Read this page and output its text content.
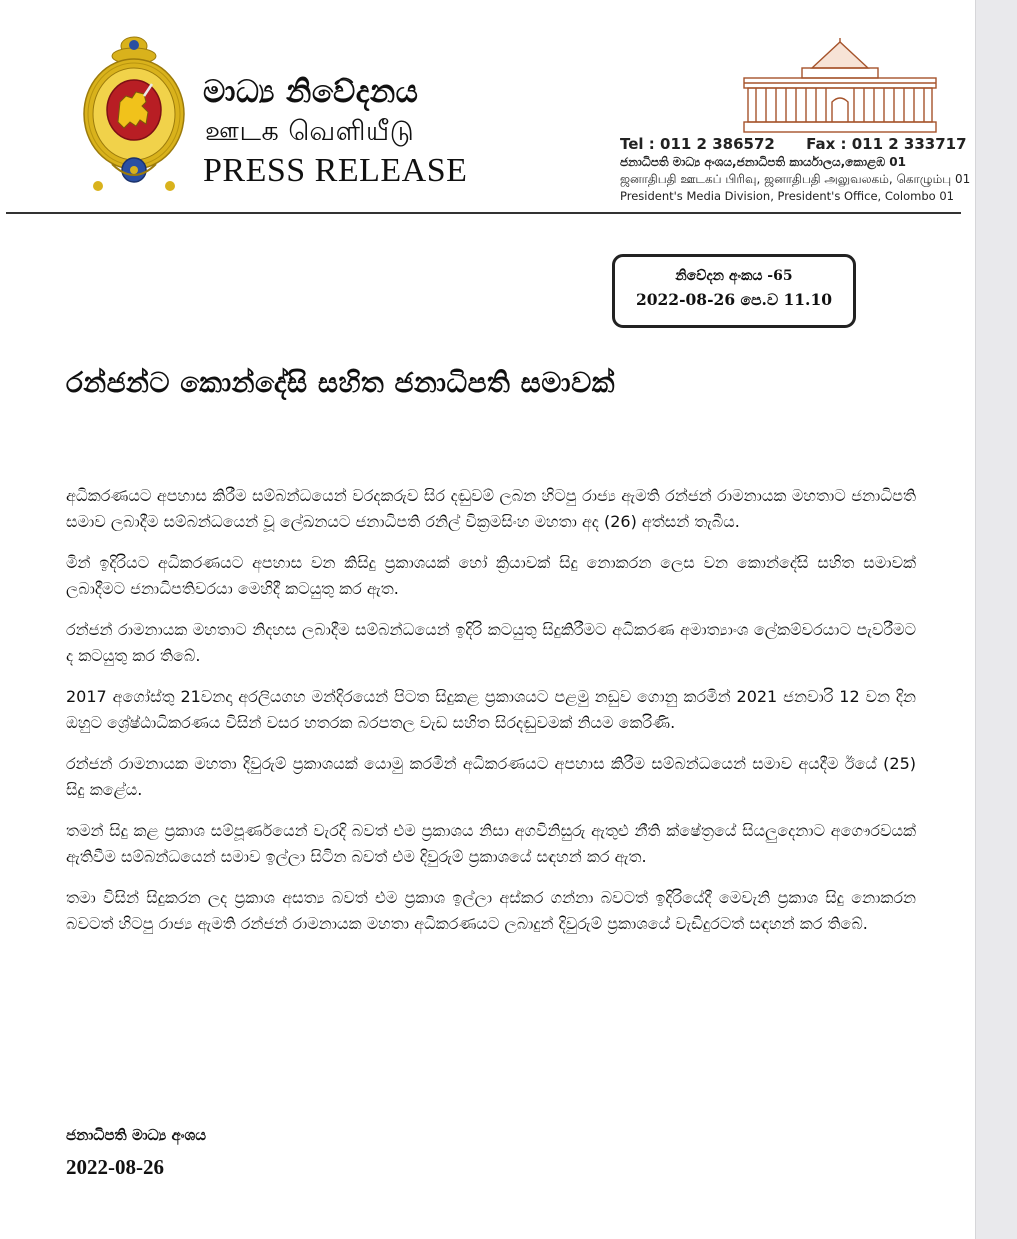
මාධ්‍ය නිවේදනය
ஊடக வெளியீடு
PRESS RELEASE
Tel : 011 2 386572 Fax : 011 2 333717
ජනාධිපති මාධ්‍ය අංශය,ජනාධිපති කාර්යාලය,කොළඹ 01
ஜனாதிபதி ஊடகப் பிரிவு, ஜனாதிபதி அலுவலகம், கொழும்பு 01
President's Media Division, President's Office, Colombo 01
නිවේදන අංකය -65
2022-08-26 පෙ.ව 11.10
රන්ජන්ට කොන්දේසි සහිත ජනාධිපති සමාවක්

අධිකරණයට අපහාස කිරීම සම්බන්ධයෙන් වරදකරුව සිර දඬුවම් ලබන හිටපු රාජ්‍ය ඇමති රන්ජන් රාමනායක මහතාට ජනාධිපති සමාව ලබාදීම සම්බන්ධයෙන් වූ ලේඛනයට ජනාධිපති රනිල් වික්‍රමසිංහ මහතා අද (26) අත්සන් තැබීය.

මින් ඉදිරියට අධිකරණයට අපහාස වන කිසිදු ප්‍රකාශයක් හෝ ක්‍රියාවක් සිදු නොකරන ලෙස වන කොන්දේසි සහිත සමාවක් ලබාදීමට ජනාධිපතිවරයා මෙහිදී කටයුතු කර ඇත.

රන්ජන් රාමනායක මහතාට නිදහස ලබාදීම සම්බන්ධයෙන් ඉදිරි කටයුතු සිදුකිරීමට අධිකරණ අමාත්‍යාංශ ලේකම්වරයාට පැවරීමට ද කටයුතු කර තිබේ.

2017 අගෝස්තු 21වනදා අරලියගහ මන්දිරයෙන් පිටත සිදුකළ ප්‍රකාශයට පළමු නඩුව ගොනු කරමින් 2021 ජනවාරි 12 වන දින ඔහුට ශ්‍රේෂ්ඨාධිකරණය විසින් වසර හතරක බරපතල වැඩ සහිත සිරදඬුවමක් නියම කෙරිණි.

රන්ජන් රාමනායක මහතා දිවුරුම් ප්‍රකාශයක් යොමු කරමින් අධිකරණයට අපහාස කිරීම සම්බන්ධයෙන් සමාව අයදීම ඊයේ (25) සිදු කළේය.

තමන් සිදු කළ ප්‍රකාශ සම්පූර්ණයෙන් වැරදි බවත් එම ප්‍රකාශය නිසා අගවිනිසුරු ඇතුළු නීති ක්ෂේත්‍රයේ සියලුදෙනාට අගෞරවයක් ඇතිවීම සම්බන්ධයෙන් සමාව ඉල්ලා සිටින බවත් එම දිවුරුම් ප්‍රකාශයේ සඳහන් කර ඇත.

තමා විසින් සිදුකරන ලද ප්‍රකාශ අසත්‍ය බවත් එම ප්‍රකාශ ඉල්ලා අස්කර ගන්නා බවටත් ඉදිරියේදී මෙවැනි ප්‍රකාශ සිදු නොකරන බවටත් හිටපු රාජ්‍ය ඇමති රන්ජන් රාමනායක මහතා අධිකරණයට ලබාදුන් දිවුරුම් ප්‍රකාශයේ වැඩිදුරටත් සඳහන් කර තිබේ.

ජනාධිපති මාධ්‍ය අංශය
2022-08-26
